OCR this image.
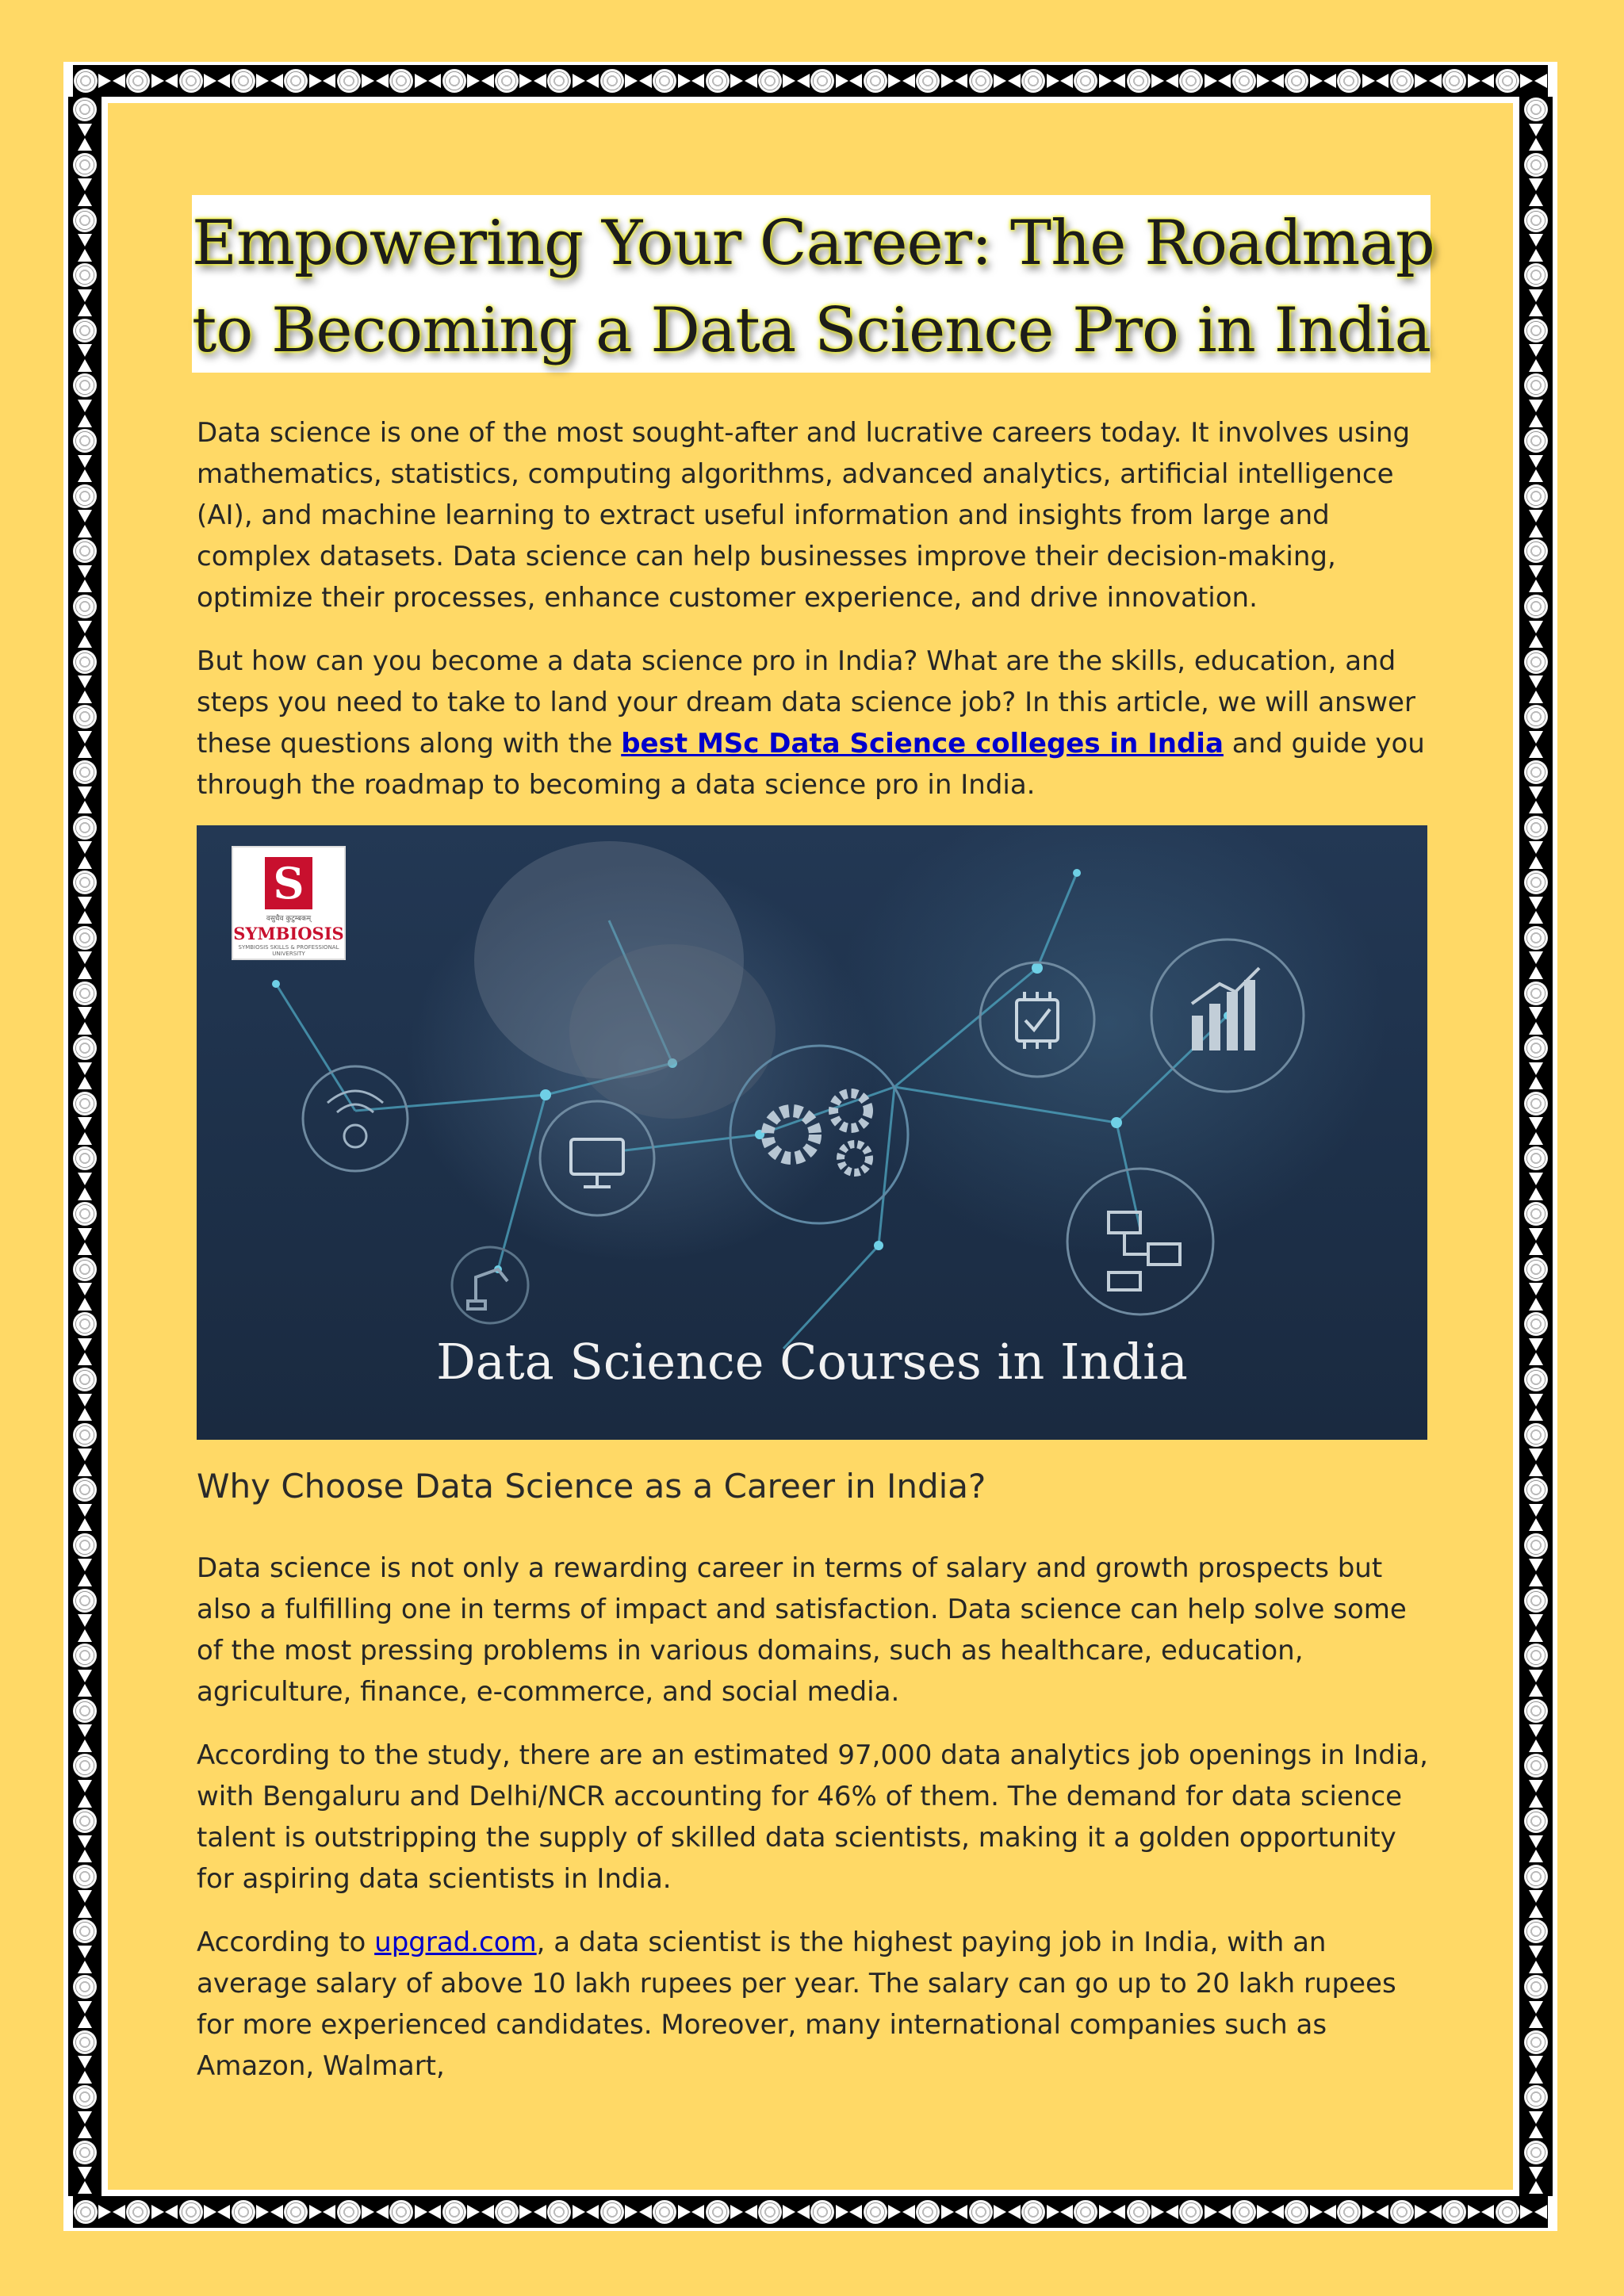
Empowering Your Career: The Roadmap
to Becoming a Data Science Pro in India

Data science is one of the most sought-after and lucrative careers today. It involves using mathematics, statistics, computing algorithms, advanced analytics, artificial intelligence (AI), and machine learning to extract useful information and insights from large and complex datasets. Data science can help businesses improve their decision-making, optimize their processes, enhance customer experience, and drive innovation.

But how can you become a data science pro in India? What are the skills, education, and steps you need to take to land your dream data science job? In this article, we will answer these questions along with the best MSc Data Science colleges in India and guide you through the roadmap to becoming a data science pro in India.

S
वसुधैव कुटुम्बकम्
SYMBIOSIS
SYMBIOSIS SKILLS & PROFESSIONAL UNIVERSITY
Data Science Courses in India
Why Choose Data Science as a Career in India?

Data science is not only a rewarding career in terms of salary and growth prospects but also a fulfilling one in terms of impact and satisfaction. Data science can help solve some of the most pressing problems in various domains, such as healthcare, education, agriculture, finance, e-commerce, and social media.

According to the study, there are an estimated 97,000 data analytics job openings in India, with Bengaluru and Delhi/NCR accounting for 46% of them. The demand for data science talent is outstripping the supply of skilled data scientists, making it a golden opportunity for aspiring data scientists in India.

According to upgrad.com, a data scientist is the highest paying job in India, with an average salary of above 10 lakh rupees per year. The salary can go up to 20 lakh rupees for more experienced candidates. Moreover, many international companies such as Amazon, Walmart,
